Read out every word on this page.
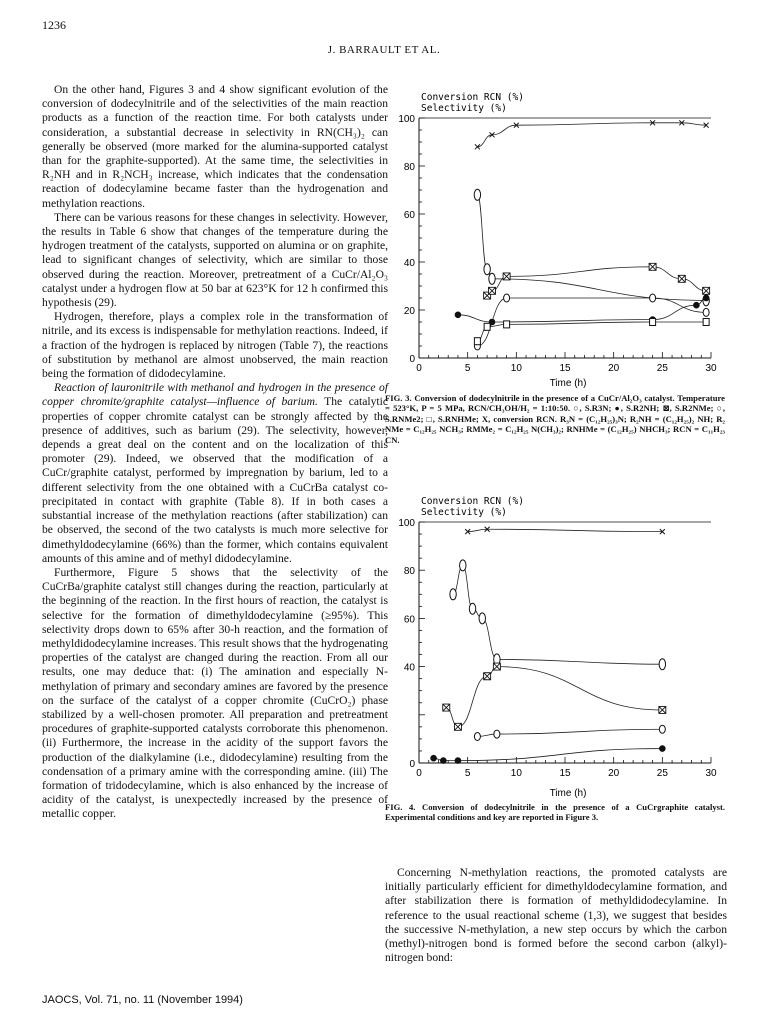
1236
J. BARRAULT ET AL.

On the other hand, Figures 3 and 4 show significant evolution of the conversion of dodecylnitrile and of the selectivities of the main reaction products as a function of the reaction time. For both catalysts under consideration, a substantial decrease in selectivity in RN(CH₃)₂ can generally be observed (more marked for the alumina-supported catalyst than for the graphite-supported). At the same time, the selectivities in R₂NH and in R₂NCH₃ increase, which indicates that the condensation reaction of dodecylamine became faster than the hydrogenation and methylation reactions.

There can be various reasons for these changes in selectivity. However, the results in Table 6 show that changes of the temperature during the hydrogen treatment of the catalysts, supported on alumina or on graphite, lead to significant changes of selectivity, which are similar to those observed during the reaction. Moreover, pretreatment of a CuCr/Al₂O₃ catalyst under a hydrogen flow at 50 bar at 623°K for 12 h confirmed this hypothesis (29).

Hydrogen, therefore, plays a complex role in the transformation of nitrile, and its excess is indispensable for methylation reactions. Indeed, if a fraction of the hydrogen is replaced by nitrogen (Table 7), the reactions of substitution by methanol are almost unobserved, the main reaction being the formation of didodecylamine.

Reaction of lauronitrile with methanol and hydrogen in the presence of copper chromite/graphite catalyst—influence of barium. The catalytic properties of copper chromite catalyst can be strongly affected by the presence of additives, such as barium (29). The selectivity, however, depends a great deal on the content and on the localization of this promoter (29). Indeed, we observed that the modification of a CuCr/graphite catalyst, performed by impregnation by barium, led to a different selectivity from the one obtained with a CuCrBa catalyst co-precipitated in contact with graphite (Table 8). If in both cases a substantial increase of the methylation reactions (after stabilization) can be observed, the second of the two catalysts is much more selective for dimethyldodecylamine (66%) than the former, which contains equivalent amounts of this amine and of methyl didodecylamine.

Furthermore, Figure 5 shows that the selectivity of the CuCrBa/graphite catalyst still changes during the reaction, particularly at the beginning of the reaction. In the first hours of reaction, the catalyst is selective for the formation of dimethyldodecylamine (≥95%). This selectivity drops down to 65% after 30-h reaction, and the formation of methyldidodecylamine increases. This result shows that the hydrogenating properties of the catalyst are changed during the reaction. From all our results, one may deduce that: (i) The amination and especially N-methylation of primary and secondary amines are favored by the presence on the surface of the catalyst of a copper chromite (CuCrO₂) phase stabilized by a well-chosen promoter. All preparation and pretreatment procedures of graphite-supported catalysts corroborate this phenomenon. (ii) Furthermore, the increase in the acidity of the support favors the production of the dialkylamine (i.e., didodecylamine) resulting from the condensation of a primary amine with the corresponding amine. (iii) The formation of tridodecylamine, which is also enhanced by the increase of acidity of the catalyst, is unexpectedly increased by the presence of metallic copper.

Conversion RCN (%)
Selectivity (%)
0	5	10	15	20	25	30
0
20
40
60
80
100
Time (h)
FIG. 3. Conversion of dodecylnitrile in the presence of a CuCr/Al₂O₃ catalyst. Temperature = 523°K, P = 5 MPa, RCN/CH₃OH/H₂ = 1:10:50. ○, S.R3N; ●, S.R2NH; ⊠, S.R2NMe; ○, S.RNMe2; □, S.RNHMe; X, conversion RCN. R₃N = (C₁₂H₂₅)₃N; R₂NH = (C₁₂H₂₅)₂ NH; R₂ NMe = C₁₂H₂₅ NCH₃; RMMe₂ = C₁₂H₂₅ N(CH₃)₂; RNHMe = (C₁₂H₂₅) NHCH₃; RCN = C₁₁H₂₃ CN.
Conversion RCN (%)
Selectivity (%)
0	5	10	15	20	25	30
0
40
60
80
100
Time (h)
FIG. 4. Conversion of dodecylnitrile in the presence of a CuCrgraphite catalyst. Experimental conditions and key are reported in Figure 3.

Concerning N-methylation reactions, the promoted catalysts are initially particularly efficient for dimethyldodecylamine formation, and after stabilization there is formation of methyldidodecylamine. In reference to the usual reactional scheme (1,3), we suggest that besides the successive N-methylation, a new step occurs by which the carbon (methyl)-nitrogen bond is formed before the second carbon (alkyl)-nitrogen bond:

JAOCS, Vol. 71, no. 11 (November 1994)
